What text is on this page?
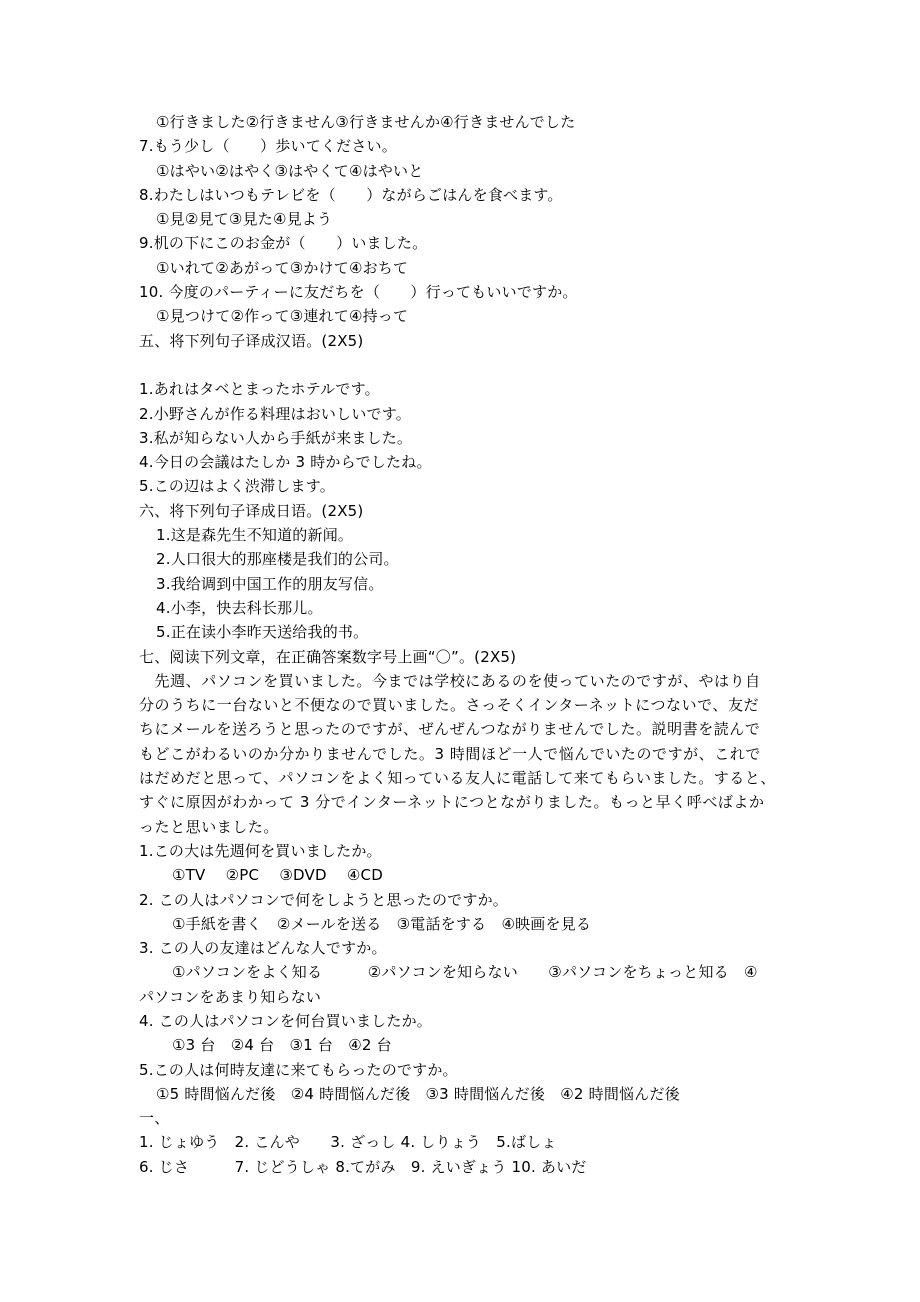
①行きました②行きません③行きませんか④行きませんでした
7.もう少し（　　）歩いてください。
①はやい②はやく③はやくて④はやいと
8.わたしはいつもテレビを（　　）ながらごはんを食べます。
①見②見て③見た④見よう
9.机の下にこのお金が（　　）いました。
①いれて②あがって③かけて④おちて
10. 今度のパーティーに友だちを（　　）行ってもいいですか。
①見つけて②作って③連れて④持って
五、将下列句子译成汉语。(2X5)
1.あれはタベとまったホテルです。
2.小野さんが作る料理はおいしいです。
3.私が知らない人から手紙が来ました。
4.今日の会議はたしか 3 時からでしたね。
5.この辺はよく渋滞します。
六、将下列句子译成日语。(2X5)
1.这是森先生不知道的新闻。
2.人口很大的那座楼是我们的公司。
3.我给调到中国工作的朋友写信。
4.小李，快去科长那儿。
5.正在读小李昨天送给我的书。
七、阅读下列文章，在正确答案数字号上画“〇”。(2X5)
　先週、パソコンを買いました。今までは学校にあるのを使っていたのですが、やはり自
分のうちに一台ないと不便なので買いました。さっそくインターネットにつないで、友だ
ちにメールを送ろうと思ったのですが、ぜんぜんつながりませんでした。説明書を読んで
もどこがわるいのか分かりませんでした。3 時間ほど一人で悩んでいたのですが、これで
はだめだと思って、パソコンをよく知っている友人に電話して来てもらいました。すると、
すぐに原因がわかって 3 分でインターネットにつとながりました。もっと早く呼べばよか
ったと思いました。
1.この大は先週何を買いましたか。
①TV　 ②PC　 ③DVD　 ④CD
2. この人はパソコンで何をしようと思ったのですか。
①手紙を書く　②メールを送る　③電話をする　④映画を見る
3. この人の友達はどんな人ですか。
①パソコンをよく知る　　　②パソコンを知らない　　③パソコンをちょっと知る　④
パソコンをあまり知らない
4. この人はパソコンを何台買いましたか。
①3 台　②4 台　③1 台　④2 台
5.この人は何時友達に来てもらったのですか。
①5 時間悩んだ後　②4 時間悩んだ後　③3 時間悩んだ後　④2 時間悩んだ後
一、
1. じょゆう　2. こんや　　3. ざっし 4. しりょう　5.ばしょ
6. じさ　　　7. じどうしゃ 8.てがみ　9. えいぎょう 10. あいだ
